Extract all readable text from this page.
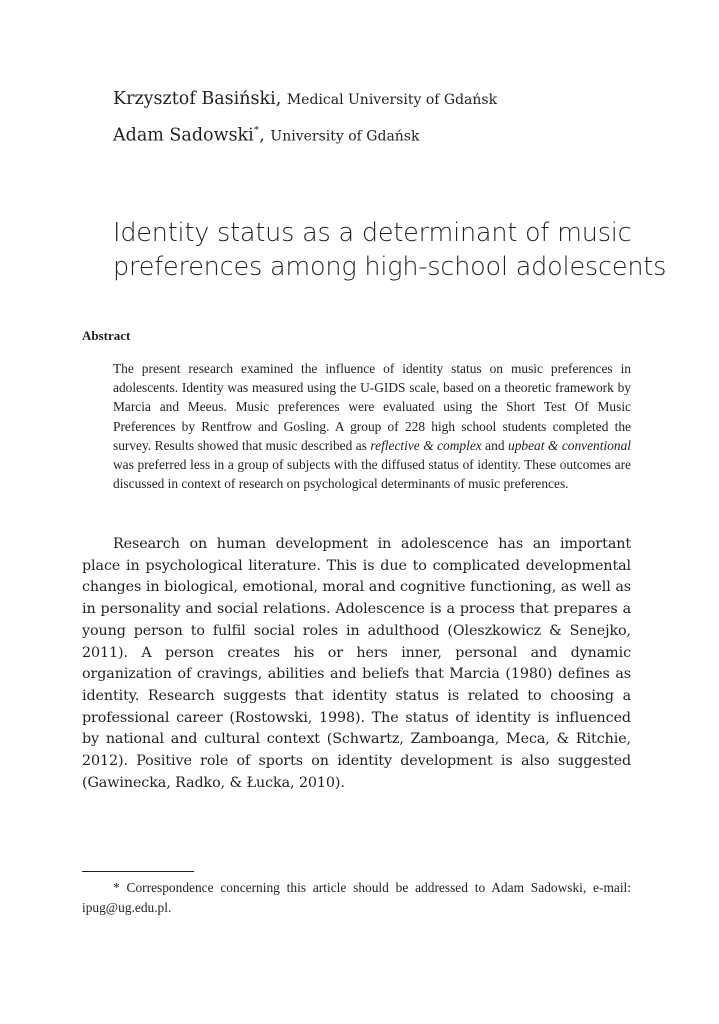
Krzysztof Basiński, Medical University of Gdańsk
Adam Sadowski*, University of Gdańsk
Identity status as a determinant of music preferences among high-school adolescents
Abstract

The present research examined the influence of identity status on music preferences in adolescents. Identity was measured using the U-GIDS scale, based on a theoretic framework by Marcia and Meeus. Music preferences were evaluated using the Short Test Of Music Preferences by Rentfrow and Gosling. A group of 228 high school students completed the survey. Results showed that music described as reflective & complex and upbeat & conventional was preferred less in a group of subjects with the diffused status of identity. These outcomes are discussed in context of research on psychological determinants of music preferences.

Research on human development in adolescence has an important place in psychological literature. This is due to complicated developmental changes in biological, emotional, moral and cognitive functioning, as well as in personality and social relations. Adolescence is a process that prepares a young person to fulfil social roles in adulthood (Oleszkowicz & Senejko, 2011). A person creates his or hers inner, personal and dynamic organization of cravings, abilities and beliefs that Marcia (1980) defines as identity. Research suggests that identity status is related to choosing a professional career (Rostowski, 1998). The status of identity is influenced by national and cultural context (Schwartz, Zamboanga, Meca, & Ritchie, 2012). Positive role of sports on identity development is also suggested (Gawinecka, Radko, & Łucka, 2010).

* Correspondence concerning this article should be addressed to Adam Sadowski, e-mail: ipug@ug.edu.pl.
